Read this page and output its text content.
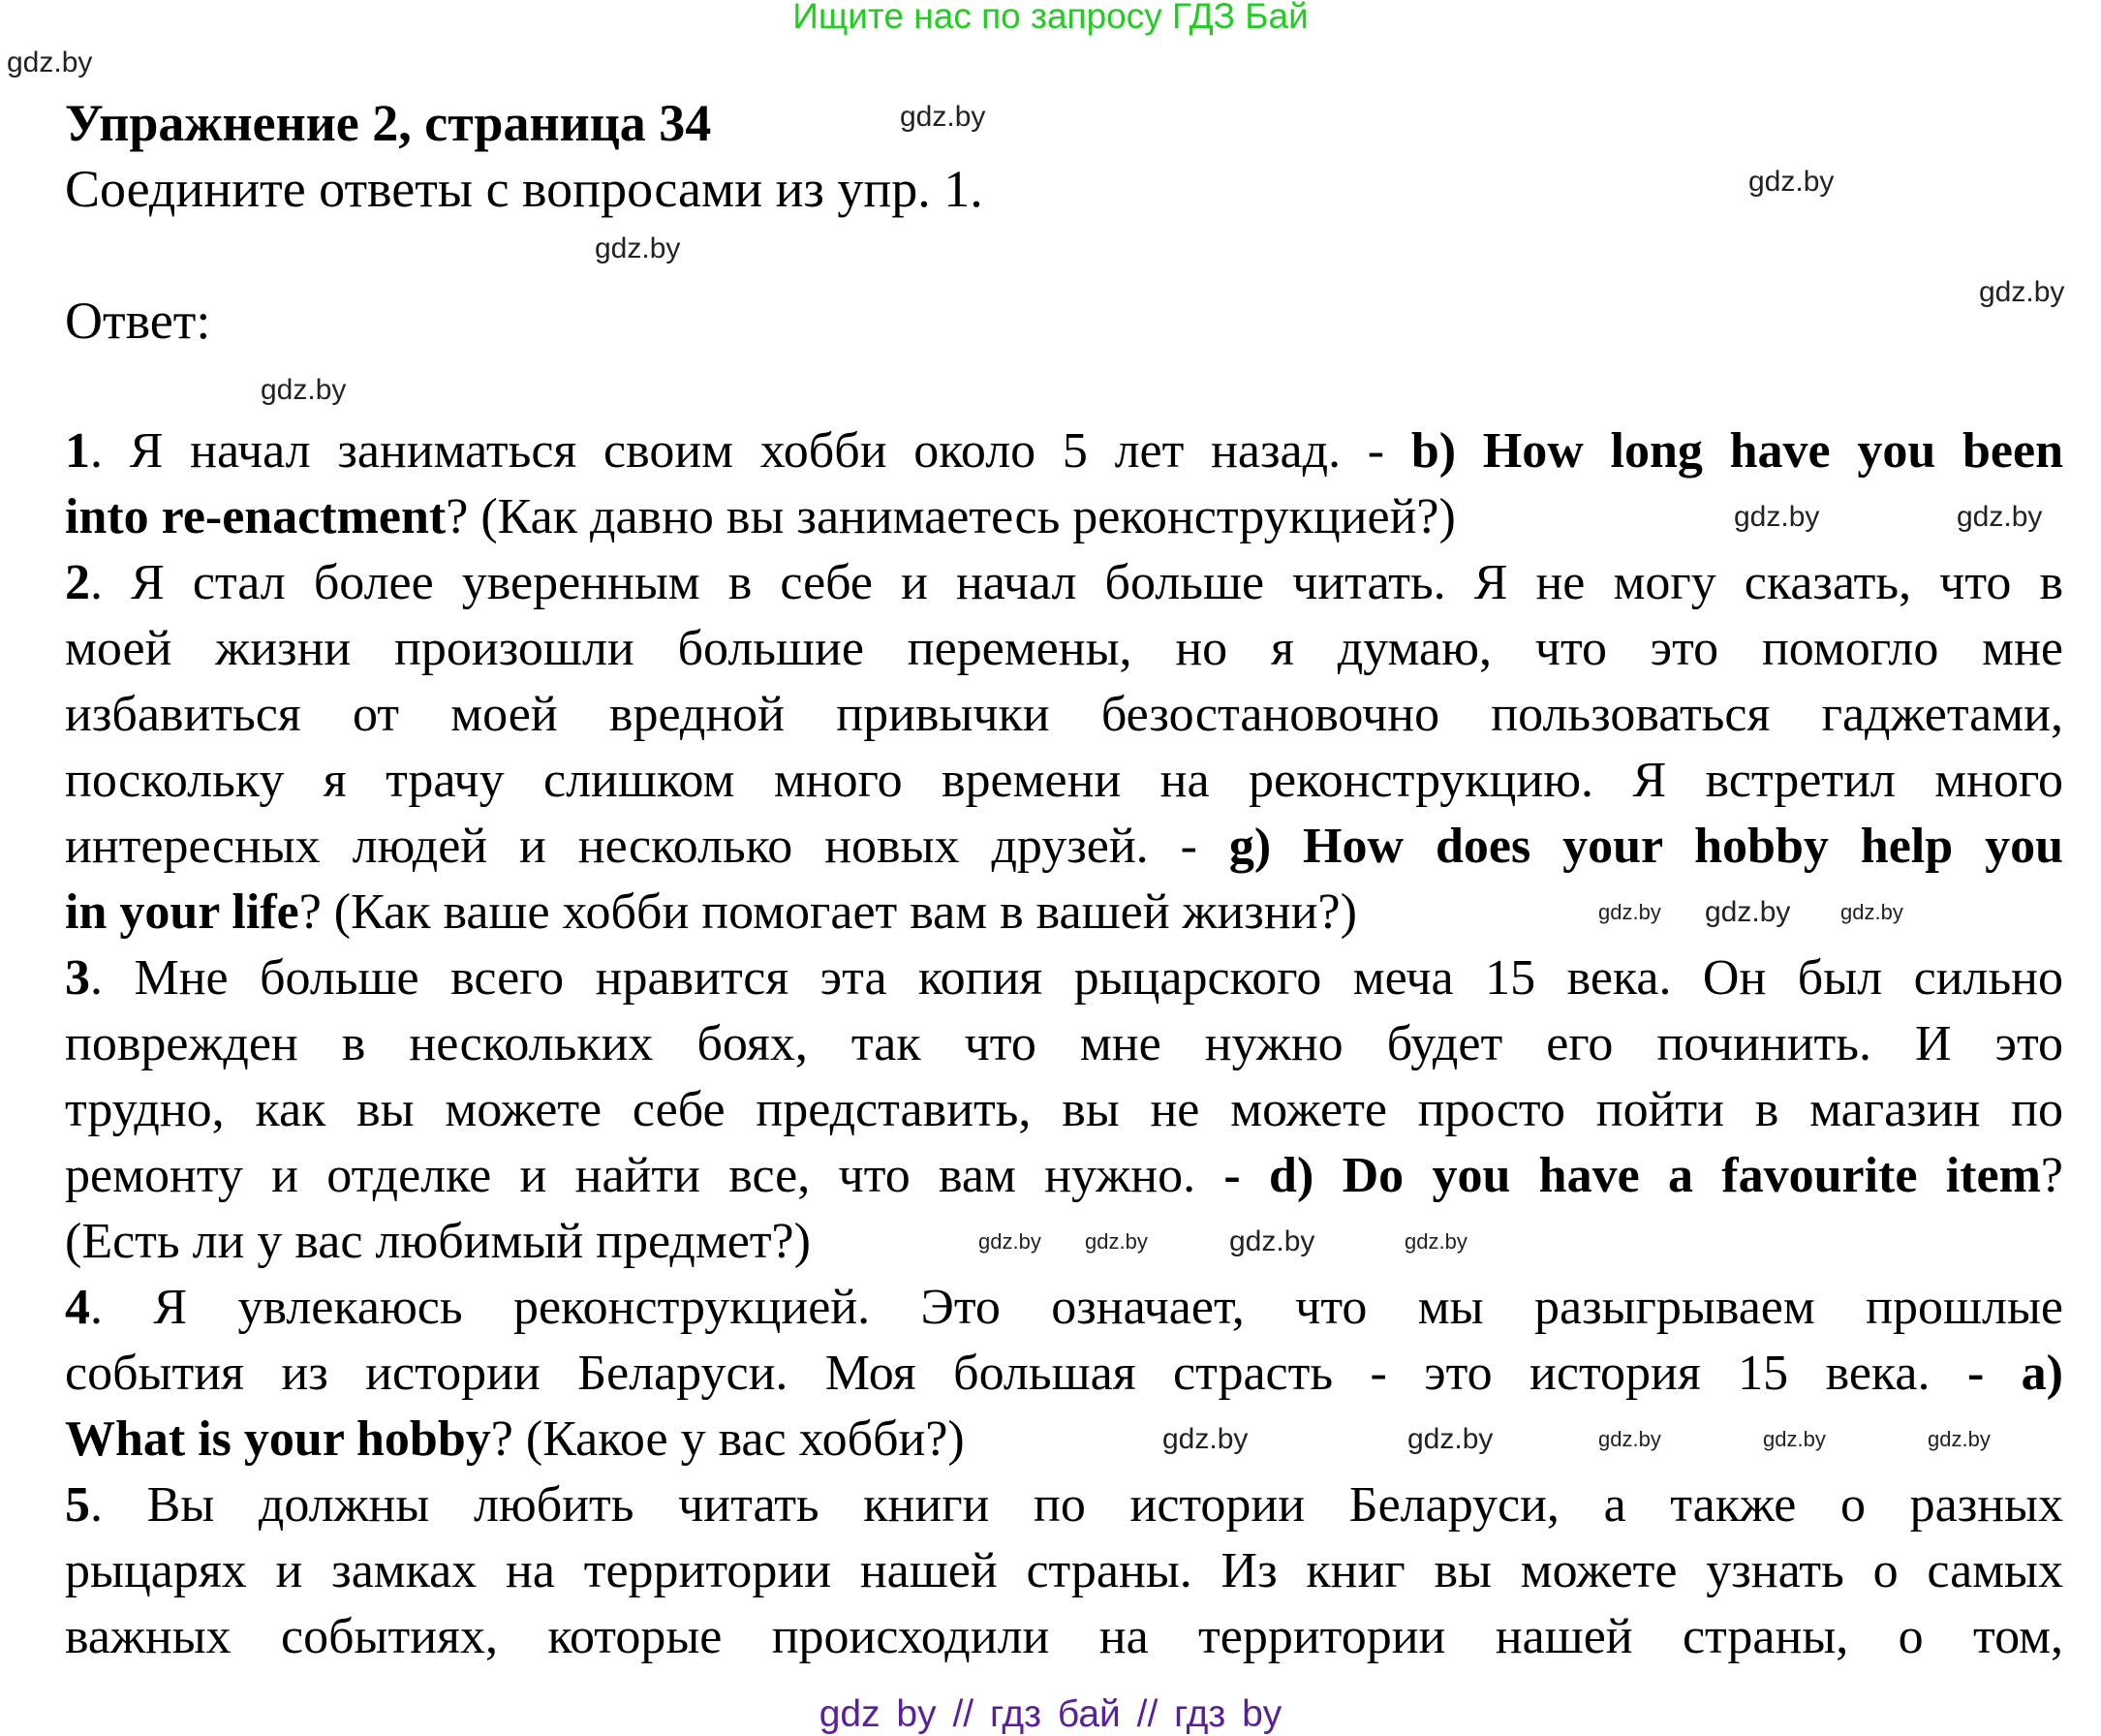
Ищите нас по запросу ГДЗ Бай
Упражнение 2, страница 34
Соедините ответы с вопросами из упр. 1.
Ответ:
1. Я начал заниматься своим хобби около 5 лет назад. - b) How long have you been
into re-enactment? (Как давно вы занимаетесь реконструкцией?)
2. Я стал более уверенным в себе и начал больше читать. Я не могу сказать, что в
моей жизни произошли большие перемены, но я думаю, что это помогло мне
избавиться от моей вредной привычки безостановочно пользоваться гаджетами,
поскольку я трачу слишком много времени на реконструкцию. Я встретил много
интересных людей и несколько новых друзей. - g) How does your hobby help you
in your life? (Как ваше хобби помогает вам в вашей жизни?)
3. Мне больше всего нравится эта копия рыцарского меча 15 века. Он был сильно
поврежден в нескольких боях, так что мне нужно будет его починить. И это
трудно, как вы можете себе представить, вы не можете просто пойти в магазин по
ремонту и отделке и найти все, что вам нужно. - d) Do you have a favourite item?
(Есть ли у вас любимый предмет?)
4. Я увлекаюсь реконструкцией. Это означает, что мы разыгрываем прошлые
события из истории Беларуси. Моя большая страсть - это история 15 века. - a)
What is your hobby? (Какое у вас хобби?)
5. Вы должны любить читать книги по истории Беларуси, а также о разных
рыцарях и замках на территории нашей страны. Из книг вы можете узнать о самых
важных событиях, которые происходили на территории нашей страны, о том,
gdz.by
gdz.by
gdz.by
gdz.by
gdz.by
gdz.by
gdz.by	gdz.by
gdz.by gdz.by gdz.by
gdz.by gdz.by	gdz.by	gdz.by
gdz.by	gdz.by	gdz.by	gdz.by	gdz.by
gdz by // гдз бай // гдз by
